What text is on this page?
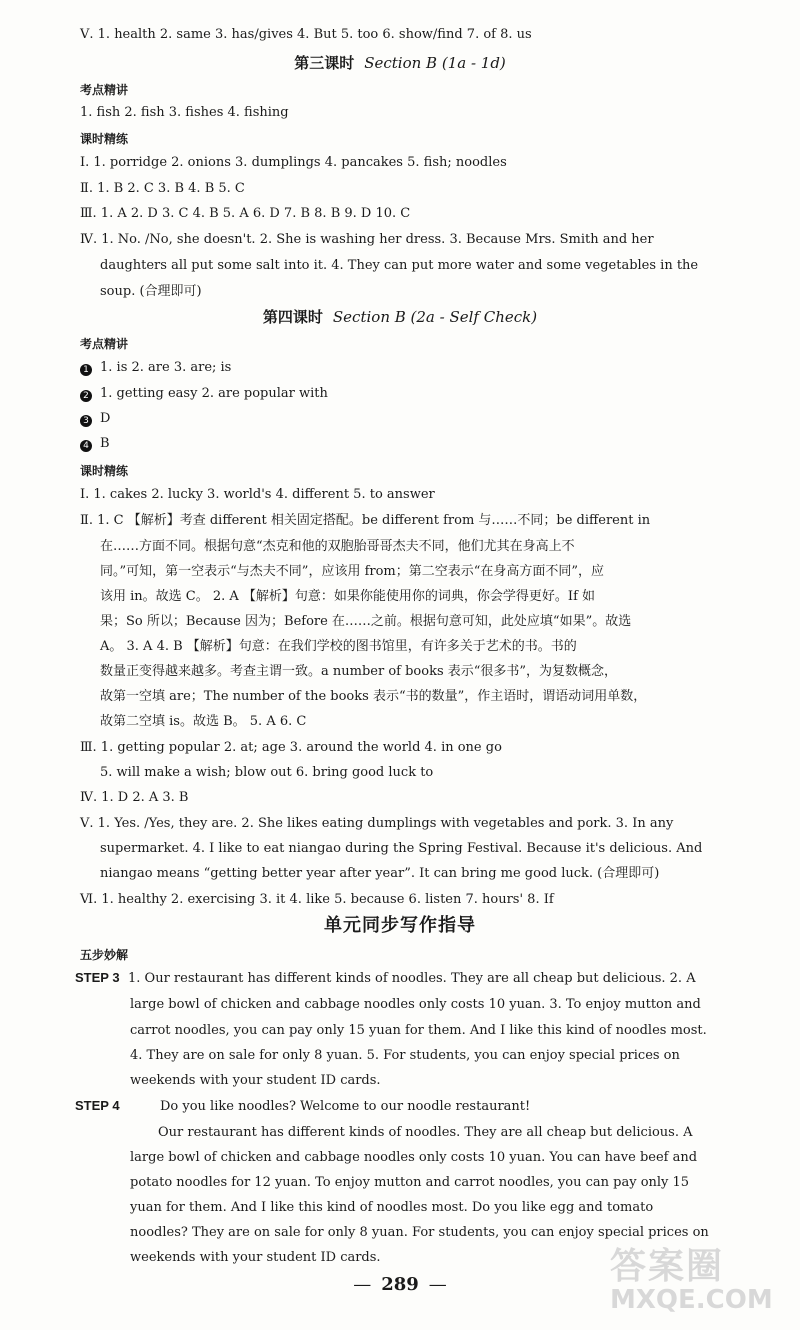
Ⅴ. 1. health 2. same 3. has/gives 4. But 5. too 6. show/find 7. of 8. us
第三课时 Section B (1a - 1d)
考点精讲
1. fish 2. fish 3. fishes 4. fishing
课时精练
Ⅰ. 1. porridge 2. onions 3. dumplings 4. pancakes 5. fish; noodles
Ⅱ. 1. B 2. C 3. B 4. B 5. C
Ⅲ. 1. A 2. D 3. C 4. B 5. A 6. D 7. B 8. B 9. D 10. C
Ⅳ. 1. No. /No, she doesn't. 2. She is washing her dress. 3. Because Mrs. Smith and her
daughters all put some salt into it. 4. They can put more water and some vegetables in the
soup. (合理即可)
第四课时 Section B (2a - Self Check)
考点精讲
1 1. is 2. are 3. are; is
2 1. getting easy 2. are popular with
3 D
4 B
课时精练
Ⅰ. 1. cakes 2. lucky 3. world's 4. different 5. to answer
Ⅱ. 1. C 【解析】考查 different 相关固定搭配。be different from 与……不同；be different in
在……方面不同。根据句意“杰克和他的双胞胎哥哥杰夫不同，他们尤其在身高上不
同。”可知，第一空表示“与杰夫不同”，应该用 from；第二空表示“在身高方面不同”，应
该用 in。故选 C。 2. A 【解析】句意：如果你能使用你的词典，你会学得更好。If 如
果；So 所以；Because 因为；Before 在……之前。根据句意可知，此处应填“如果”。故选
A。 3. A 4. B 【解析】句意：在我们学校的图书馆里，有许多关于艺术的书。书的
数量正变得越来越多。考查主谓一致。a number of books 表示“很多书”，为复数概念，
故第一空填 are；The number of the books 表示“书的数量”，作主语时，谓语动词用单数，
故第二空填 is。故选 B。 5. A 6. C
Ⅲ. 1. getting popular 2. at; age 3. around the world 4. in one go
5. will make a wish; blow out 6. bring good luck to
Ⅳ. 1. D 2. A 3. B
Ⅴ. 1. Yes. /Yes, they are. 2. She likes eating dumplings with vegetables and pork. 3. In any
supermarket. 4. I like to eat niangao during the Spring Festival. Because it's delicious. And
niangao means “getting better year after year”. It can bring me good luck. (合理即可)
Ⅵ. 1. healthy 2. exercising 3. it 4. like 5. because 6. listen 7. hours' 8. If
单元同步写作指导
五步妙解
STEP 3 1. Our restaurant has different kinds of noodles. They are all cheap but delicious. 2. A
large bowl of chicken and cabbage noodles only costs 10 yuan. 3. To enjoy mutton and
carrot noodles, you can pay only 15 yuan for them. And I like this kind of noodles most.
4. They are on sale for only 8 yuan. 5. For students, you can enjoy special prices on
weekends with your student ID cards.
STEP 4	Do you like noodles? Welcome to our noodle restaurant!
Our restaurant has different kinds of noodles. They are all cheap but delicious. A
large bowl of chicken and cabbage noodles only costs 10 yuan. You can have beef and
potato noodles for 12 yuan. To enjoy mutton and carrot noodles, you can pay only 15
yuan for them. And I like this kind of noodles most. Do you like egg and tomato
noodles? They are on sale for only 8 yuan. For students, you can enjoy special prices on
weekends with your student ID cards.
— 289 —	答案圈
MXQE.COM
